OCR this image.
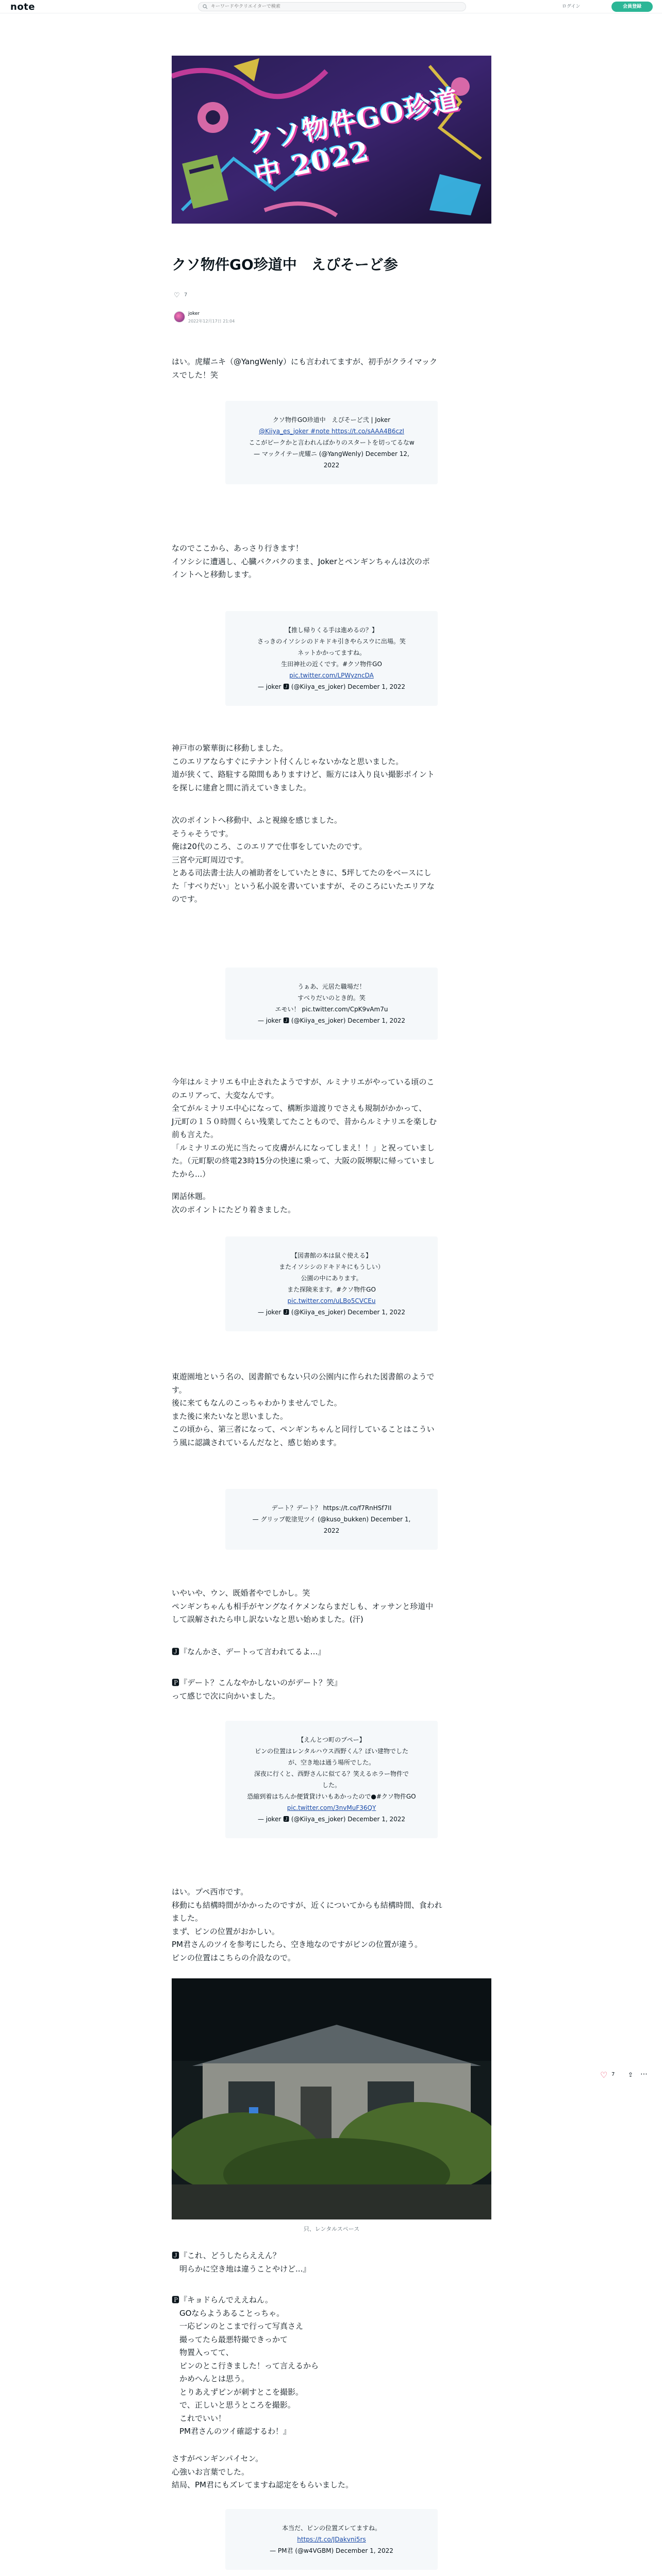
note
キーワードやクリエイターで検索	ログイン	会員登録
クソ物件GO珍道中 2022
クソ物件GO珍道中　えぴそーど参
♡ 7
joker
2022年12月17日 21:04
はい。虎耀ニキ（@YangWenly）にも言われてますが、初手がクライマック
スでした！笑
クソ物件GO珍道中　えぴそーど弐 | Joker
@Kiiya_es_joker #note https://t.co/sAAA4B6czI
ここがピークかと言われんばかりのスタートを切ってるなw
— マックイテー虎耀ニ (@YangWenly) December 12,
2022
なのでここから、あっさり行きます！
イソシシに遭遇し、心臓バクバクのまま、Jokerとペンギンちゃんは次のポ
イントへと移動します。
【推し帰りくる手は進めるの？】
さっきのイソシシのドキドキ引きやらスウに出場。笑
ネットかかってますね。
生田神社の近くです。#クソ物件GO
pic.twitter.com/LPWyzncDA
— joker 🅹 (@Kiiya_es_joker) December 1, 2022
神戸市の繁華街に移動しました。
このエリアならすぐにテナント付くんじゃないかなと思いました。
道が狭くて、路駐する隙間もありますけど、賑方には入り良い撮影ポイント
を探しに建倉と間に消えていきました。
次のポイントへ移動中、ふと視線を感じました。
そうゃそうです。
俺は20代のころ、このエリアで仕事をしていたのです。
三宮や元町周辺です。
とある司法書士法人の補助者をしていたときに、5坪してたのをベースにし
た「すべりだい」という私小説を書いていますが、そのころにいたエリアな
のです。
うぁあ、元居た職場だ！
すべりだいのとき的。笑
エモい！ pic.twitter.com/CpK9vAm7u
— joker 🅹 (@Kiiya_es_joker) December 1, 2022
今年はルミナリエも中止されたようですが、ルミナリエがやっている頃のこ
のエリアって、大変なんです。
全てがルミナリエ中心になって、構断歩道渡りでさえも規制がかかって、
J元町の１５０時間くらい残業してたこともので、昔からルミナリエを楽しむ
前も言えた。
「ルミナリエの光に当たって皮膚がんになってしまえ！！」と祝っていまし
た。（元町駅の終電23時15分の快速に乗って、大阪の阪堺駅に帰っていまし
たから...）
閑話休題。
次のポイントにたどり着きました。
【図書館の本は鼠ぐ使える】
またイソシシのドキドキにもうしい）
公園の中にあります。
また探険来ます。#クソ物件GO
pic.twitter.com/uLBo5CVCEu
— joker 🅹 (@Kiiya_es_joker) December 1, 2022
東遊園地という名の、図書館でもない只の公園内に作られた図書館のようで
す。
後に来てもなんのこっちゃわかりませんでした。
また後に来たいなと思いました。
この頃から、第三者になって、ペンギンちゃんと同行していることはこうい
う風に認識されているんだなと、感じ始めます。
デート？デート？ https://t.co/f7RnHSf7II
— グリップ乾塗児ツイ (@kuso_bukken) December 1,
2022
いやいや、ウン、既婚者やでしかし。笑
ペンギンちゃんも相手がヤングなイケメンならまだしも、オッサンと珍道中
して誤解されたら申し訳ないなと思い始めました。(汗)
🅹『なんかさ、デートって言われてるよ...』
🅿『デート？こんなやかしないのがデート？笑』
って感じで次に向かいました。
【えんとつ町のプペー】
ピンの位置はレンタルハウス西野くん？ぽい建物でした
が、空き地は通う場所でした。
深夜に行くと、西野さんに似てる？笑えるホラー物件で
した。
恐縮到着はちんか便賃貸けいもあかったので●#クソ物件GO
pic.twitter.com/3nvMuF36QY
— joker 🅹 (@Kiiya_es_joker) December 1, 2022
はい。プペ西市です。
移動にも結構時間がかかったのですが、近くについてからも結構時間、食われ
ました。
まず、ピンの位置がおかしい。
PM君さんのツイを参考にしたら、空き地なのですがピンの位置が違う。
ピンの位置はこちらの介設なので。
只、レンタルスペース
🅹『これ、どうしたらええん？
　明らかに空き地は違うことやけど...』
🅿『キョドらんでええねん。
　GOならようあることっちゃ。
　一応ピンのとこまで行って写真さえ
　撮ってたら最悪特撮できっかて
　物置入ってて、
　ピンのとこ行きました！って言えるから
　かめへんとは思う。
　とりあえずピンが刺すとこを撮影。
　で、正しいと思うところを撮影。
　これでいい！
　PM君さんのツイ確認するわ！』
さすがペンギンパイセン。
心強いお言葉でした。
結局、PM君にもズレてますね認定をもらいました。
本当だ、ピンの位置ズレてますね。
https://t.co/JDakvni5rs
— PM君 (@w4VGBM) December 1, 2022
♡ 7 ⇪ ⋯
